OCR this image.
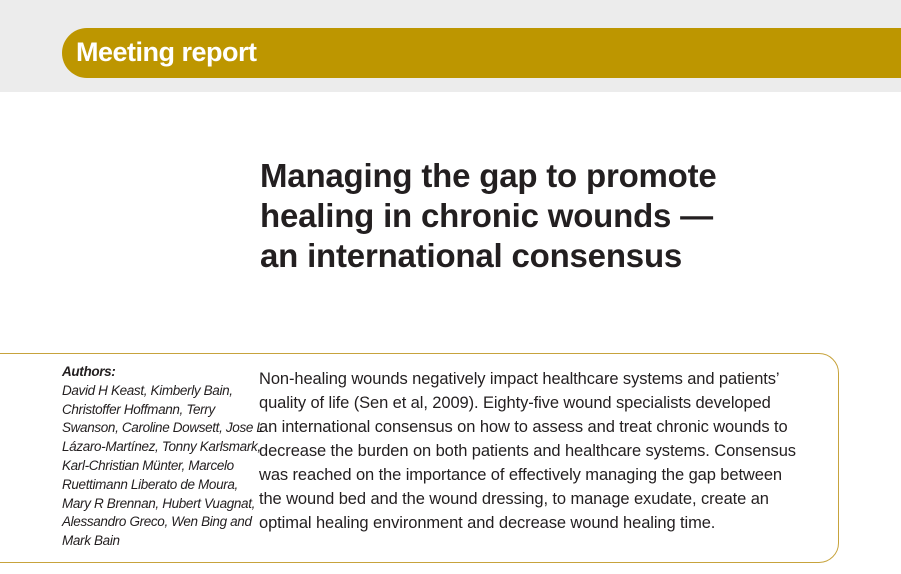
Meeting report
Managing the gap to promote
healing in chronic wounds —
an international consensus
Authors:
David H Keast, Kimberly Bain,
Christoffer Hoffmann, Terry
Swanson, Caroline Dowsett, Jose L
Lázaro-Martínez, Tonny Karlsmark,
Karl-Christian Münter, Marcelo
Ruettimann Liberato de Moura,
Mary R Brennan, Hubert Vuagnat,
Alessandro Greco, Wen Bing and
Mark Bain
Non-healing wounds negatively impact healthcare systems and patients’
quality of life (Sen et al, 2009). Eighty-five wound specialists developed
an international consensus on how to assess and treat chronic wounds to
decrease the burden on both patients and healthcare systems. Consensus
was reached on the importance of effectively managing the gap between
the wound bed and the wound dressing, to manage exudate, create an
optimal healing environment and decrease wound healing time.
